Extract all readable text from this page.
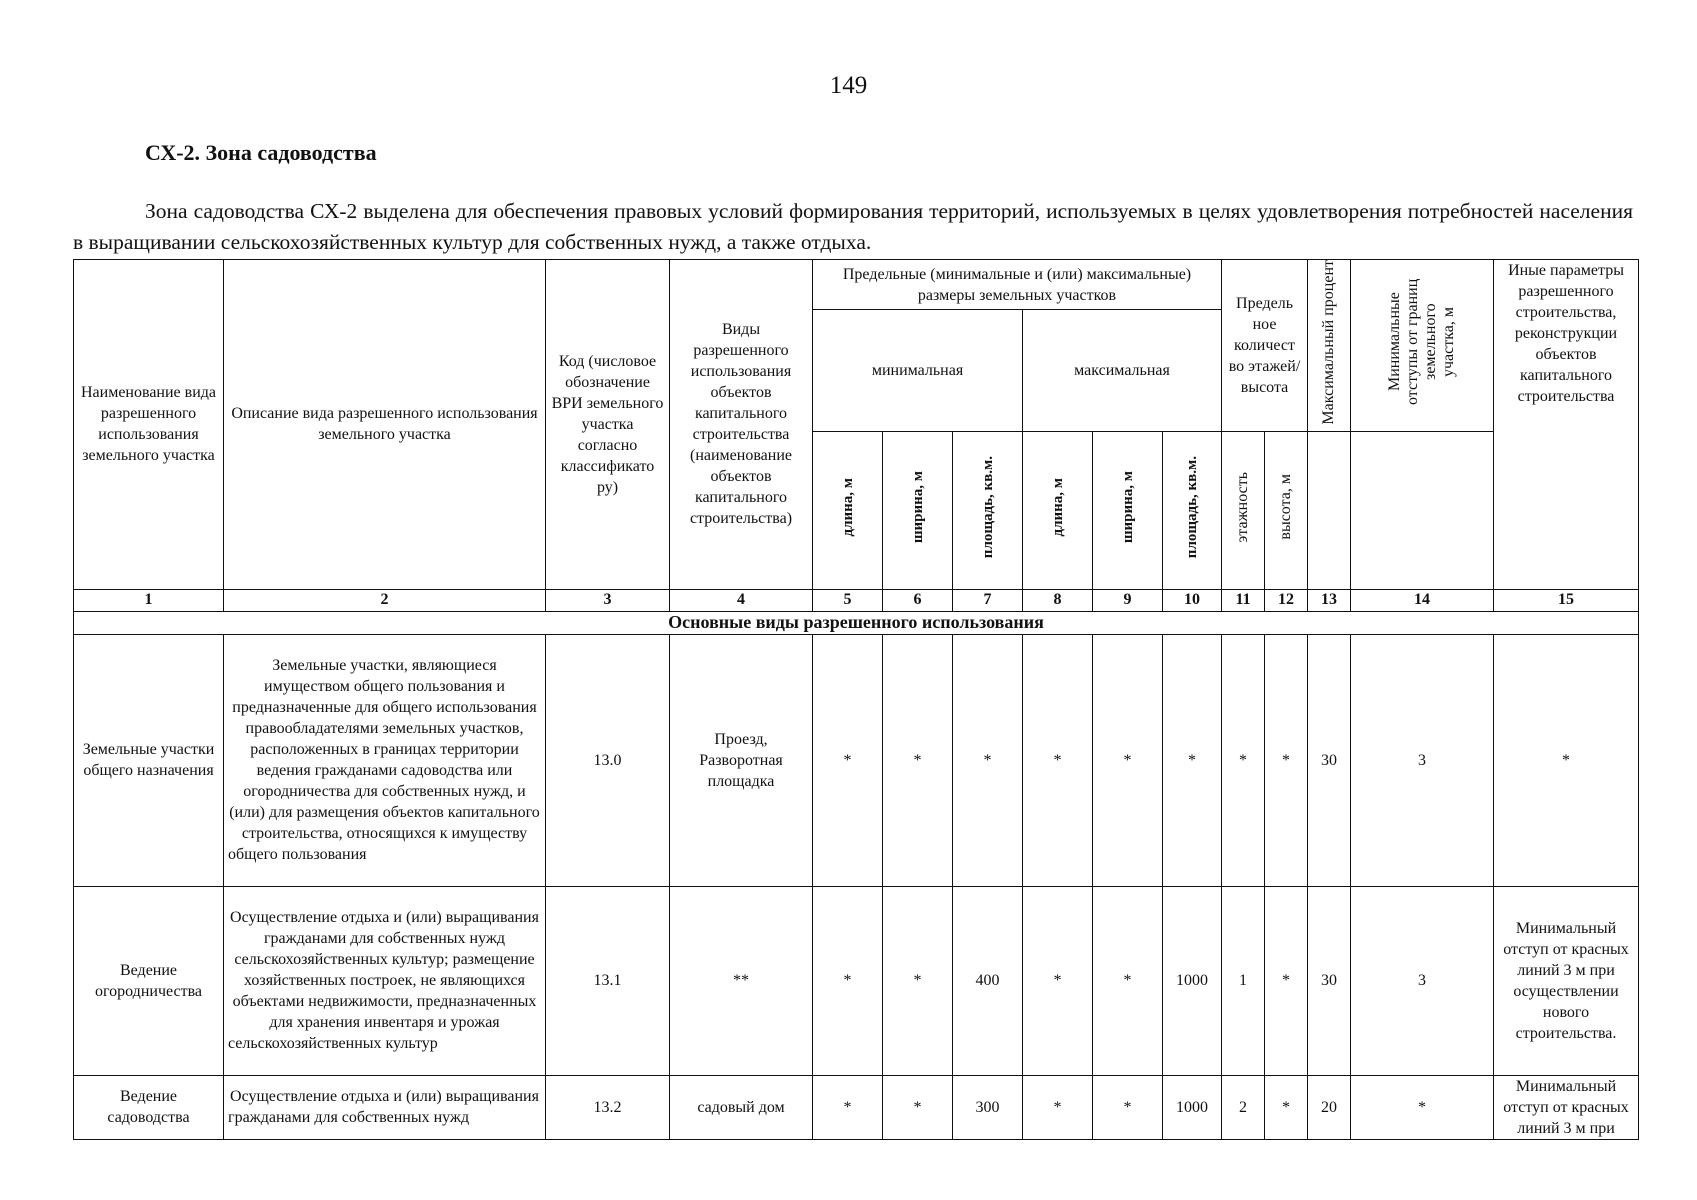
149
СХ-2. Зона садоводства
Зона садоводства СХ-2 выделена для обеспечения правовых условий формирования территорий, используемых в целях удовлетворения потребностей населения в выращивании сельскохозяйственных культур для собственных нужд, а также отдыха.
Наименование вида разрешенного использования земельного участка	Описание вида разрешенного использования земельного участка	Код (числовое обозначение ВРИ земельного участка согласно классификато ру)	Виды разрешенного использования объектов капитального строительства (наименование объектов капитального строительства)	Предельные (минимальные и (или) максимальные) размеры земельных участков						Предель ное количест во этажей/ высота		Максимальный процент	Минимальные отступы от границ земельного участка, м	Иные параметры разрешенного строительства, реконструкции объектов капитального строительства
				минимальная			максимальная							
				длина, м	ширина, м	площадь, кв.м.	длина, м	ширина, м	площадь, кв.м.	этажность	высота, м			
1	2	3	4	5	6	7	8	9	10	11	12	13	14	15
Основные виды разрешенного использования														
Земельные участки общего назначения	Земельные участки, являющиеся имуществом общего пользования и предназначенные для общего использования правообладателями земельных участков, расположенных в границах территории ведения гражданами садоводства или огородничества для собственных нужд, и (или) для размещения объектов капитального строительства, относящихся к имуществу общего пользования	13.0	Проезд, Разворотная площадка	*	*	*	*	*	*	*	*	30	3	*
Ведение огородничества	Осуществление отдыха и (или) выращивания гражданами для собственных нужд сельскохозяйственных культур; размещение хозяйственных построек, не являющихся объектами недвижимости, предназначенных для хранения инвентаря и урожая сельскохозяйственных культур	13.1	**	*	*	400	*	*	1000	1	*	30	3	Минимальный отступ от красных линий 3 м при осуществлении нового строительства.
Ведение садоводства	Осуществление отдыха и (или) выращивания гражданами для собственных нужд	13.2	садовый дом	*	*	300	*	*	1000	2	*	20	*	Минимальный отступ от красных линий 3 м при
